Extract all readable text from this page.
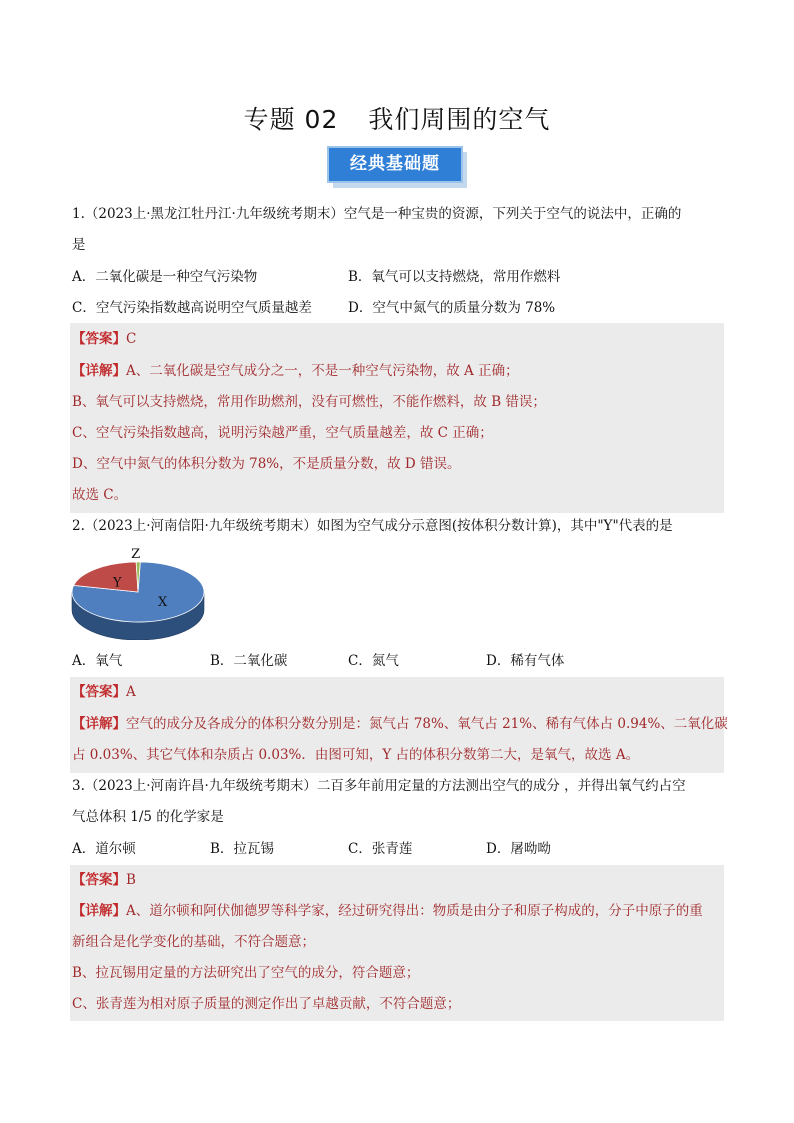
专题 02 我们周围的空气
经典基础题
1.（2023上·黑龙江牡丹江·九年级统考期末）空气是一种宝贵的资源，下列关于空气的说法中，正确的
是
A．二氧化碳是一种空气污染物	B．氧气可以支持燃烧，常用作燃料
C．空气污染指数越高说明空气质量越差	D．空气中氮气的质量分数为 78%
【答案】C
【详解】A、二氧化碳是空气成分之一，不是一种空气污染物，故 A 正确；
B、氧气可以支持燃烧，常用作助燃剂，没有可燃性，不能作燃料，故 B 错误；
C、空气污染指数越高，说明污染越严重，空气质量越差，故 C 正确；
D、空气中氮气的体积分数为 78%，不是质量分数，故 D 错误。
故选 C。
2.（2023上·河南信阳·九年级统考期末）如图为空气成分示意图(按体积分数计算)，其中"Y"代表的是
X
Y
Z
A．氧气	B．二氧化碳	C．氮气	D．稀有气体
【答案】A
【详解】空气的成分及各成分的体积分数分别是：氮气占 78%、氧气占 21%、稀有气体占 0.94%、二氧化碳
占 0.03%、其它气体和杂质占 0.03%．由图可知，Y 占的体积分数第二大，是氧气，故选 A。
3.（2023上·河南许昌·九年级统考期末）二百多年前用定量的方法测出空气的成分 ，并得出氧气约占空
气总体积 1/5 的化学家是
A．道尔顿	B．拉瓦锡	C．张青莲	D．屠呦呦
【答案】B
【详解】A、道尔顿和阿伏伽德罗等科学家，经过研究得出：物质是由分子和原子构成的，分子中原子的重
新组合是化学变化的基础，不符合题意；
B、拉瓦锡用定量的方法研究出了空气的成分，符合题意；
C、张青莲为相对原子质量的测定作出了卓越贡献，不符合题意；
